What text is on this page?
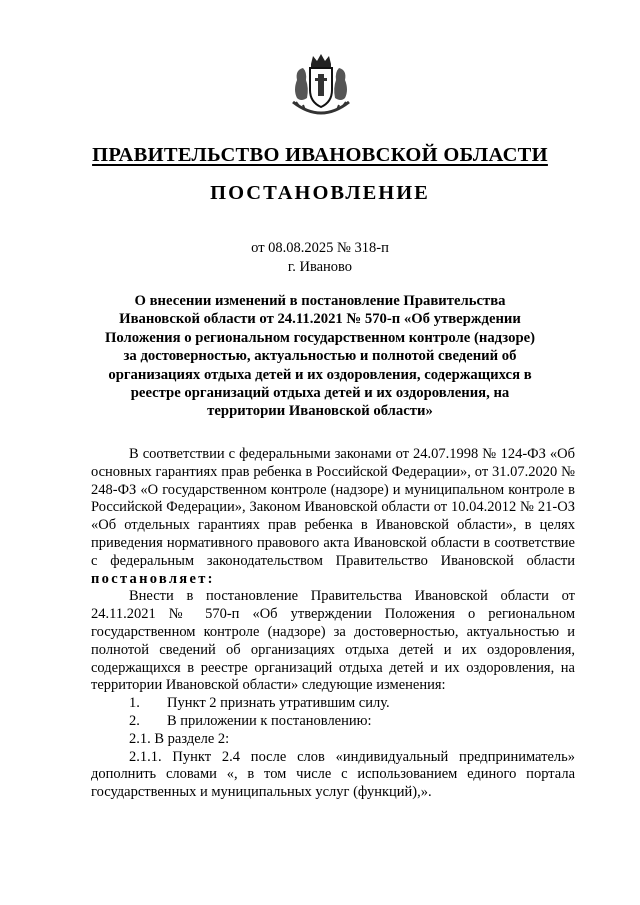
ПРАВИТЕЛЬСТВО ИВАНОВСКОЙ ОБЛАСТИ
ПОСТАНОВЛЕНИЕ
от 08.08.2025 № 318-п
г. Иваново
О внесении изменений в постановление Правительства Ивановской области от 24.11.2021 № 570-п «Об утверждении Положения о региональном государственном контроле (надзоре) за достоверностью, актуальностью и полнотой сведений об организациях отдыха детей и их оздоровления, содержащихся в реестре организаций отдыха детей и их оздоровления, на территории Ивановской области»

В соответствии с федеральными законами от 24.07.1998 № 124-ФЗ «Об основных гарантиях прав ребенка в Российской Федерации», от 31.07.2020 № 248-ФЗ «О государственном контроле (надзоре) и муниципальном контроле в Российской Федерации», Законом Ивановской области от 10.04.2012 № 21-ОЗ «Об отдельных гарантиях прав ребенка в Ивановской области», в целях приведения нормативного правового акта Ивановской области в соответствие с федеральным законодательством Правительство Ивановской области постановляет:

Внести в постановление Правительства Ивановской области от 24.11.2021 № 570-п «Об утверждении Положения о региональном государственном контроле (надзоре) за достоверностью, актуальностью и полнотой сведений об организациях отдыха детей и их оздоровления, содержащихся в реестре организаций отдыха детей и их оздоровления, на территории Ивановской области» следующие изменения:

1. Пункт 2 признать утратившим силу.

2. В приложении к постановлению:

2.1. В разделе 2:

2.1.1. Пункт 2.4 после слов «индивидуальный предприниматель» дополнить словами «, в том числе с использованием единого портала государственных и муниципальных услуг (функций),».
